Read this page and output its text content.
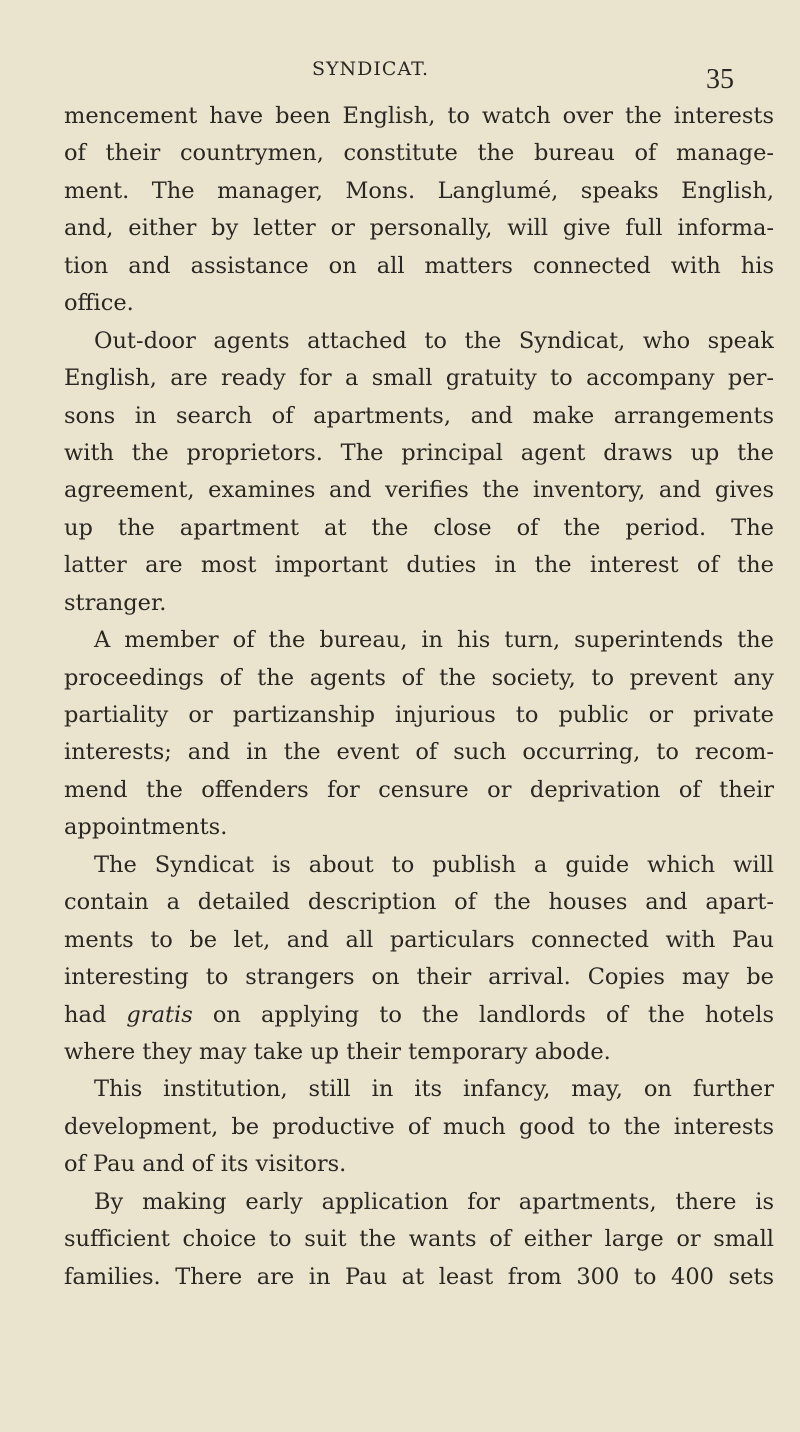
SYNDICAT.	35
mencement have been English, to watch over the interests
of their countrymen, constitute the bureau of manage-
ment. The manager, Mons. Langlumé, speaks English,
and, either by letter or personally, will give full informa-
tion and assistance on all matters connected with his
office.
Out-door agents attached to the Syndicat, who speak
English, are ready for a small gratuity to accompany per-
sons in search of apartments, and make arrangements
with the proprietors. The principal agent draws up the
agreement, examines and verifies the inventory, and gives
up the apartment at the close of the period. The
latter are most important duties in the interest of the
stranger.
A member of the bureau, in his turn, superintends the
proceedings of the agents of the society, to prevent any
partiality or partizanship injurious to public or private
interests; and in the event of such occurring, to recom-
mend the offenders for censure or deprivation of their
appointments.
The Syndicat is about to publish a guide which will
contain a detailed description of the houses and apart-
ments to be let, and all particulars connected with Pau
interesting to strangers on their arrival. Copies may be
had gratis on applying to the landlords of the hotels
where they may take up their temporary abode.
This institution, still in its infancy, may, on further
development, be productive of much good to the interests
of Pau and of its visitors.
By making early application for apartments, there is
sufficient choice to suit the wants of either large or small
families. There are in Pau at least from 300 to 400 sets
